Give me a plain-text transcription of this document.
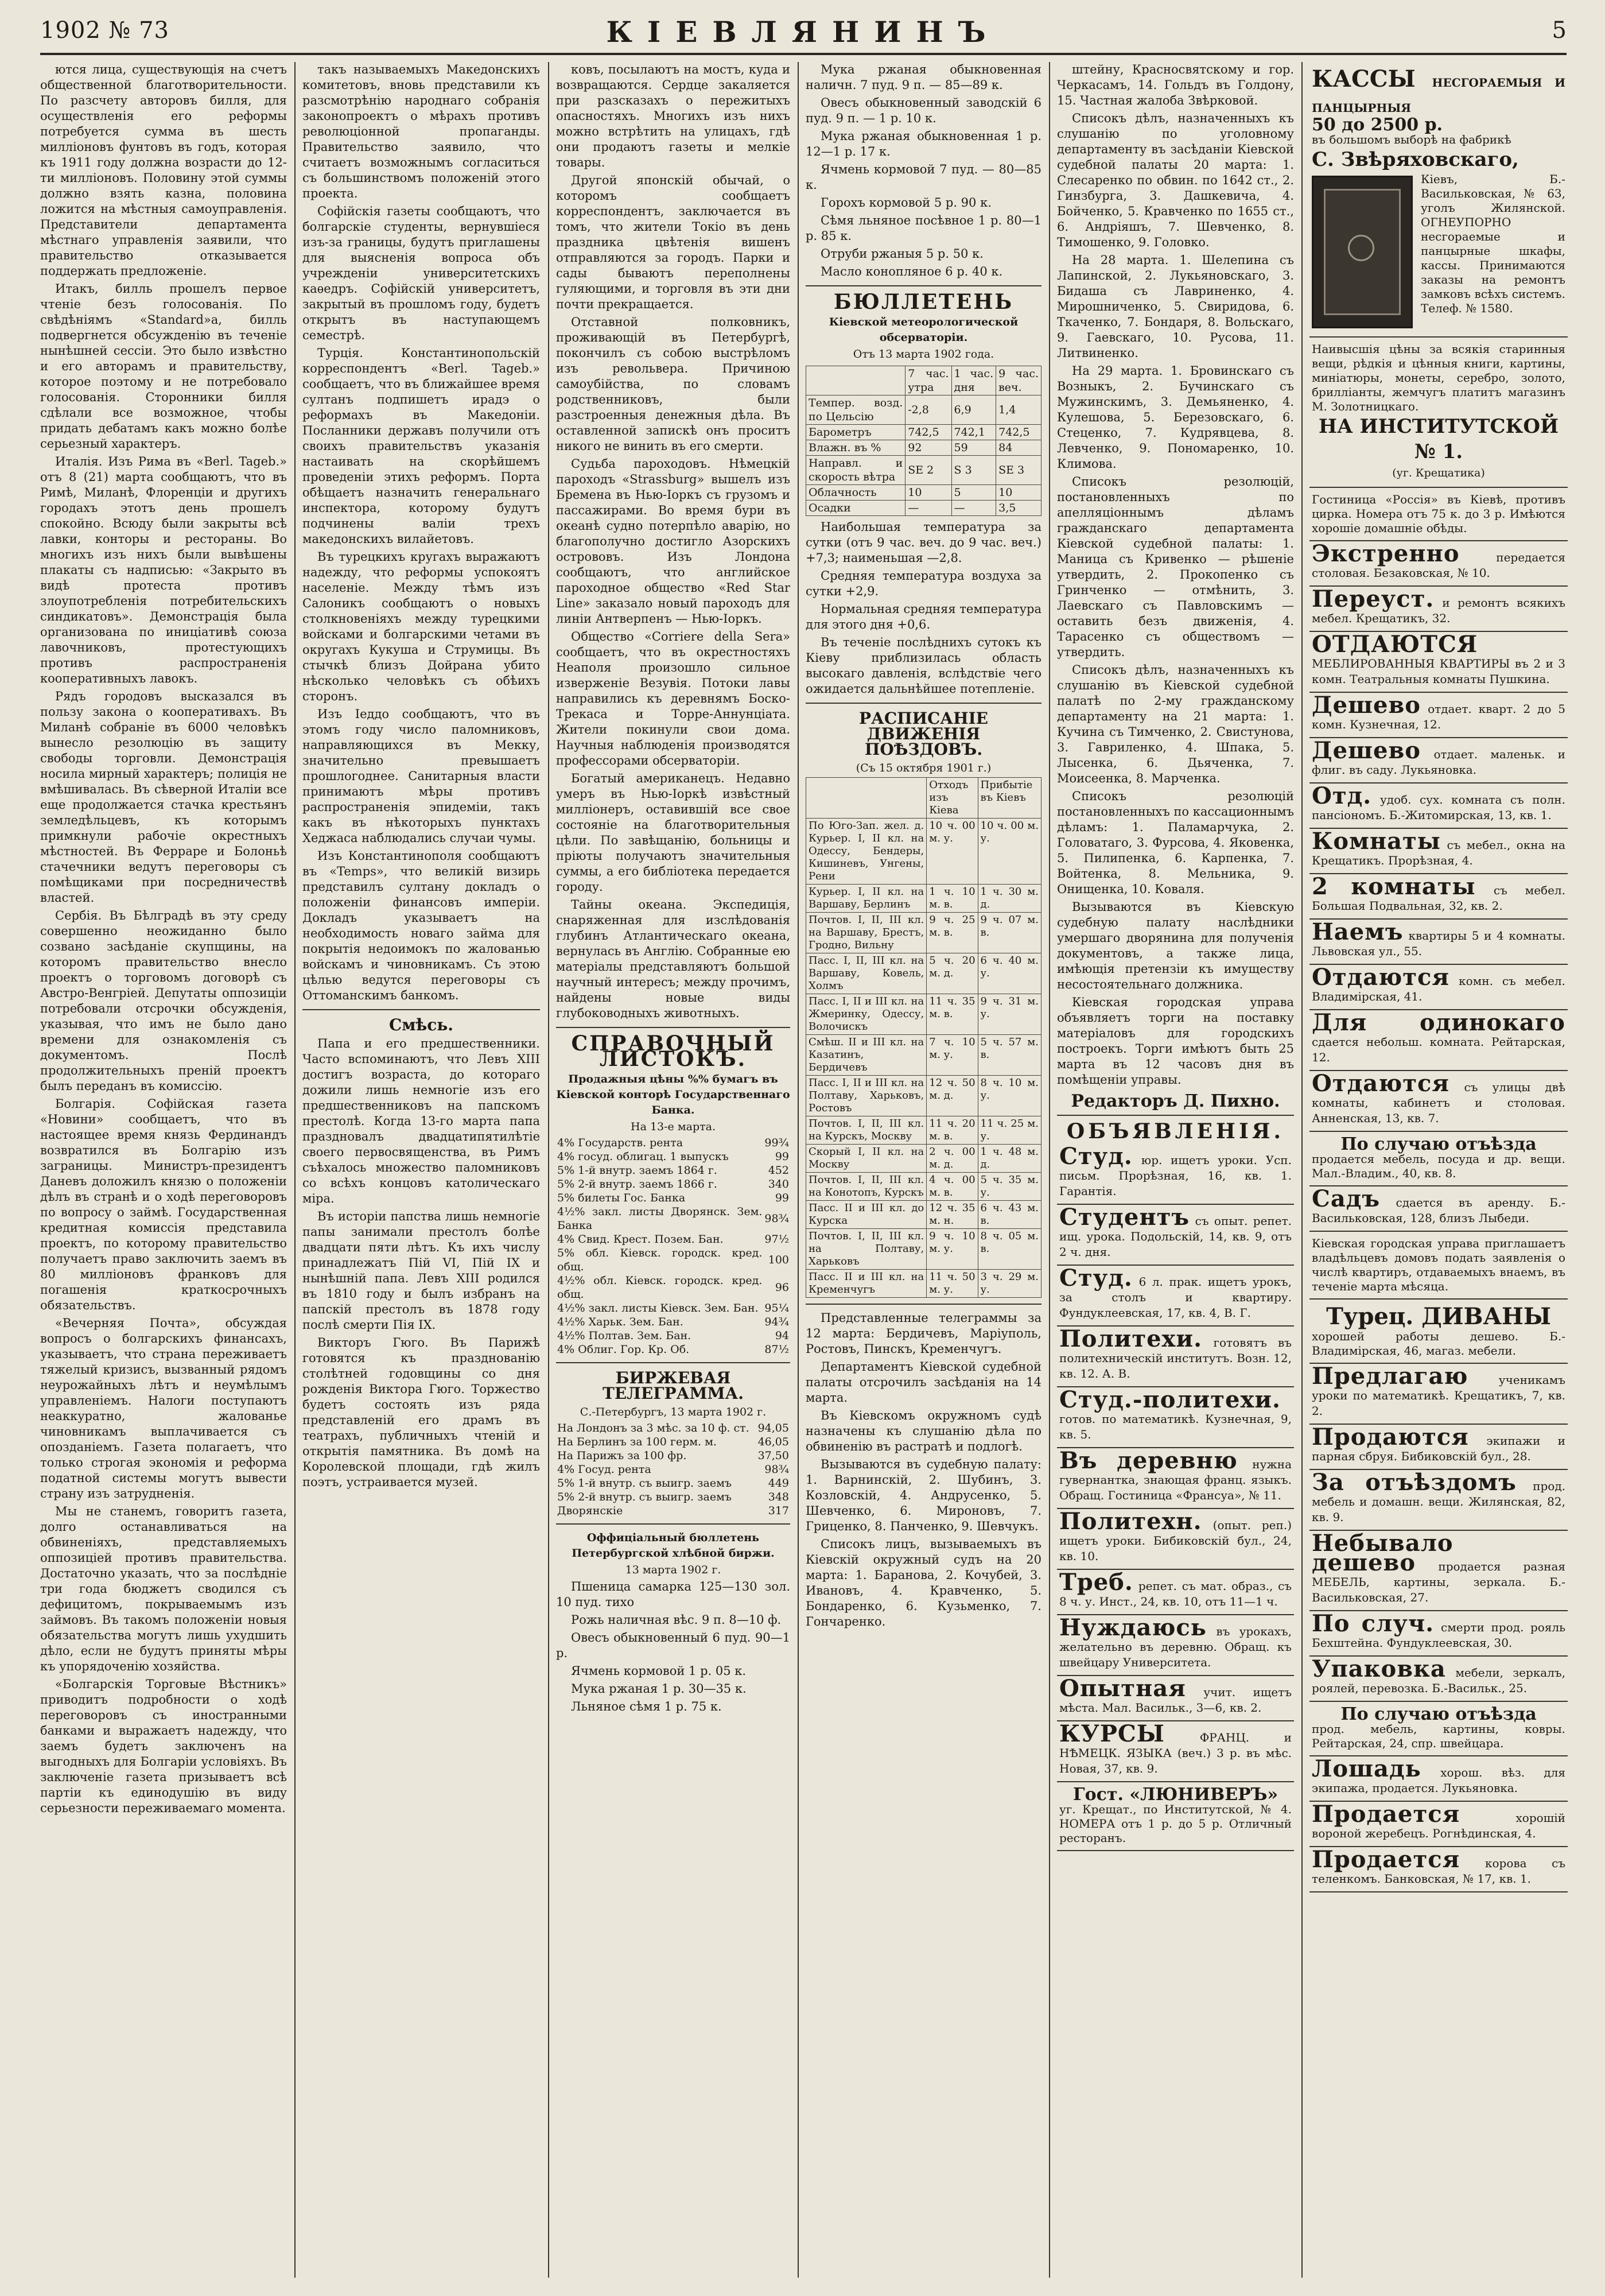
1902 № 73	КІЕВЛЯНИНЪ	5

ются лица, существующія на счетъ общественной благотворительности. По разсчету авторовъ билля, для осуществленія его реформы потребуется сумма въ шесть милліоновъ фунтовъ въ годъ, которая къ 1911 году должна возрасти до 12-ти милліоновъ. Половину этой суммы должно взять казна, половина ложится на мѣстныя самоуправленія. Представители департамента мѣстнаго управленія заявили, что правительство отказывается поддержать предложеніе.

Итакъ, билль прошелъ первое чтеніе безъ голосованія. По свѣдѣніямъ «Standard»а, билль подвергнется обсужденію въ теченіе нынѣшней сессіи. Это было извѣстно и его авторамъ и правительству, которое поэтому и не потребовало голосованія. Сторонники билля сдѣлали все возможное, чтобы придать дебатамъ какъ можно болѣе серьезный характеръ.

Италія. Изъ Рима въ «Berl. Tageb.» отъ 8 (21) марта сообщаютъ, что въ Римѣ, Миланѣ, Флоренціи и другихъ городахъ этотъ день прошелъ спокойно. Всюду были закрыты всѣ лавки, конторы и рестораны. Во многихъ изъ нихъ были вывѣшены плакаты съ надписью: «Закрыто въ видѣ протеста противъ злоупотребленія потребительскихъ синдикатовъ». Демонстрація была организована по иниціативѣ союза лавочниковъ, протестующихъ противъ распространенія кооперативныхъ лавокъ.

Рядъ городовъ высказался въ пользу закона о кооперативахъ. Въ Миланѣ собраніе въ 6000 человѣкъ вынесло резолюцію въ защиту свободы торговли. Демонстрація носила мирный характеръ; полиція не вмѣшивалась. Въ сѣверной Италіи все еще продолжается стачка крестьянъ земледѣльцевъ, къ которымъ примкнули рабочіе окрестныхъ мѣстностей. Въ Ферраре и Болоньѣ стачечники ведутъ переговоры съ помѣщиками при посредничествѣ властей.

Сербія. Въ Бѣлградѣ въ эту среду совершенно неожиданно было созвано засѣданіе скупщины, на которомъ правительство внесло проектъ о торговомъ договорѣ съ Австро-Венгріей. Депутаты оппозиціи потребовали отсрочки обсужденія, указывая, что имъ не было дано времени для ознакомленія съ документомъ. Послѣ продолжительныхъ преній проектъ былъ переданъ въ комиссію.

Болгарія. Софійская газета «Новини» сообщаетъ, что въ настоящее время князь Фердинандъ возвратился въ Болгарію изъ заграницы. Министръ-президентъ Даневъ доложилъ князю о положеніи дѣлъ въ странѣ и о ходѣ переговоровъ по вопросу о займѣ. Государственная кредитная комиссія представила проектъ, по которому правительство получаетъ право заключить заемъ въ 80 милліоновъ франковъ для погашенія краткосрочныхъ обязательствъ.

«Вечерняя Почта», обсуждая вопросъ о болгарскихъ финансахъ, указываетъ, что страна переживаетъ тяжелый кризисъ, вызванный рядомъ неурожайныхъ лѣтъ и неумѣлымъ управленіемъ. Налоги поступаютъ неаккуратно, жалованье чиновникамъ выплачивается съ опозданіемъ. Газета полагаетъ, что только строгая экономія и реформа податной системы могутъ вывести страну изъ затрудненія.

Мы не станемъ, говоритъ газета, долго останавливаться на обвиненіяхъ, представляемыхъ оппозиціей противъ правительства. Достаточно указать, что за послѣдніе три года бюджетъ сводился съ дефицитомъ, покрываемымъ изъ займовъ. Въ такомъ положеніи новыя обязательства могутъ лишь ухудшить дѣло, если не будутъ приняты мѣры къ упорядоченію хозяйства.

«Болгарскія Торговые Вѣстникъ» приводитъ подробности о ходѣ переговоровъ съ иностранными банками и выражаетъ надежду, что заемъ будетъ заключенъ на выгодныхъ для Болгаріи условіяхъ. Въ заключеніе газета призываетъ всѣ партіи къ единодушію въ виду серьезности переживаемаго момента.

такъ называемыхъ Македонскихъ комитетовъ, вновь представили къ разсмотрѣнію народнаго собранія законопроектъ о мѣрахъ противъ революціонной пропаганды. Правительство заявило, что считаетъ возможнымъ согласиться съ большинствомъ положеній этого проекта.

Софійскія газеты сообщаютъ, что болгарскіе студенты, вернувшіеся изъ-за границы, будутъ приглашены для выясненія вопроса объ учрежденіи университетскихъ каѳедръ. Софійскій университетъ, закрытый въ прошломъ году, будетъ открытъ въ наступающемъ семестрѣ.

Турція. Константинопольскій корреспондентъ «Berl. Tageb.» сообщаетъ, что въ ближайшее время султанъ подпишетъ ирадэ о реформахъ въ Македоніи. Посланники державъ получили отъ своихъ правительствъ указанія настаивать на скорѣйшемъ проведеніи этихъ реформъ. Порта обѣщаетъ назначить генеральнаго инспектора, которому будутъ подчинены валіи трехъ македонскихъ вилайетовъ.

Въ турецкихъ кругахъ выражаютъ надежду, что реформы успокоятъ населеніе. Между тѣмъ изъ Салоникъ сообщаютъ о новыхъ столкновеніяхъ между турецкими войсками и болгарскими четами въ округахъ Кукуша и Струмицы. Въ стычкѣ близъ Дойрана убито нѣсколько человѣкъ съ обѣихъ сторонъ.

Изъ Іеддо сообщаютъ, что въ этомъ году число паломниковъ, направляющихся въ Мекку, значительно превышаетъ прошлогоднее. Санитарныя власти принимаютъ мѣры противъ распространенія эпидеміи, такъ какъ въ нѣкоторыхъ пунктахъ Хеджаса наблюдались случаи чумы.

Изъ Константинополя сообщаютъ въ «Temps», что великій визирь представилъ султану докладъ о положеніи финансовъ имперіи. Докладъ указываетъ на необходимость новаго займа для покрытія недоимокъ по жалованью войскамъ и чиновникамъ. Съ этою цѣлью ведутся переговоры съ Оттоманскимъ банкомъ.

Смѣсь.

Папа и его предшественники. Часто вспоминаютъ, что Левъ XIII достигъ возраста, до котораго дожили лишь немногіе изъ его предшественниковъ на папскомъ престолѣ. Когда 13-го марта папа праздновалъ двадцатипятилѣтіе своего первосвященства, въ Римъ съѣхалось множество паломниковъ со всѣхъ концовъ католическаго міра.

Въ исторіи папства лишь немногіе папы занимали престолъ болѣе двадцати пяти лѣтъ. Къ ихъ числу принадлежатъ Пій VI, Пій IX и нынѣшній папа. Левъ XIII родился въ 1810 году и былъ избранъ на папскій престолъ въ 1878 году послѣ смерти Пія IX.

Викторъ Гюго. Въ Парижѣ готовятся къ празднованію столѣтней годовщины со дня рожденія Виктора Гюго. Торжество будетъ состоять изъ ряда представленій его драмъ въ театрахъ, публичныхъ чтеній и открытія памятника. Въ домѣ на Королевской площади, гдѣ жилъ поэтъ, устраивается музей.

ковъ, посылаютъ на мостъ, куда и возвращаются. Сердце закаляется при разсказахъ о пережитыхъ опасностяхъ. Многихъ изъ нихъ можно встрѣтить на улицахъ, гдѣ они продаютъ газеты и мелкіе товары.

Другой японскій обычай, о которомъ сообщаетъ корреспондентъ, заключается въ томъ, что жители Токіо въ день праздника цвѣтенія вишенъ отправляются за городъ. Парки и сады бываютъ переполнены гуляющими, и торговля въ эти дни почти прекращается.

Отставной полковникъ, проживающій въ Петербургѣ, покончилъ съ собою выстрѣломъ изъ револьвера. Причиною самоубійства, по словамъ родственниковъ, были разстроенныя денежныя дѣла. Въ оставленной запискѣ онъ проситъ никого не винить въ его смерти.

Судьба пароходовъ. Нѣмецкій пароходъ «Strassburg» вышелъ изъ Бремена въ Нью-Іоркъ съ грузомъ и пассажирами. Во время бури въ океанѣ судно потерпѣло аварію, но благополучно достигло Азорскихъ острововъ. Изъ Лондона сообщаютъ, что английское пароходное общество «Red Star Line» заказало новый пароходъ для линіи Антверпенъ — Нью-Іоркъ.

Общество «Corriere della Sera» сообщаетъ, что въ окрестностяхъ Неаполя произошло сильное изверженіе Везувія. Потоки лавы направились къ деревнямъ Боско-Трекаса и Торре-Аннунціата. Жители покинули свои дома. Научныя наблюденія производятся профессорами обсерваторіи.

Богатый американецъ. Недавно умеръ въ Нью-Іоркѣ извѣстный милліонеръ, оставившій все свое состояніе на благотворительныя цѣли. По завѣщанію, больницы и пріюты получаютъ значительныя суммы, а его библіотека передается городу.

Тайны океана. Экспедиція, снаряженная для изслѣдованія глубинъ Атлантическаго океана, вернулась въ Англію. Собранные ею матеріалы представляютъ большой научный интересъ; между прочимъ, найдены новые виды глубоководныхъ животныхъ.

СПРАВОЧНЫЙ ЛИСТОКЪ.
Продажныя цѣны %% бумагъ въ Кіевской конторѣ Государственнаго Банка.
На 13-е марта.
4% Государств. рента	99¾
4% госуд. облигац. 1 выпускъ	99
5% 1-й внутр. заемъ 1864 г.	452
5% 2-й внутр. заемъ 1866 г.	340
5% билеты Гос. Банка	99
4½% закл. листы Дворянск. Зем. Банка	98¾
4% Свид. Крест. Позем. Бан.	97½
5% обл. Кіевск. городск. кред. общ.	100
4½% обл. Кіевск. городск. кред. общ.	96
4½% закл. листы Кіевск. Зем. Бан.	95¼
4½% Харьк. Зем. Бан.	94¾
4½% Полтав. Зем. Бан.	94
4% Облиг. Гор. Кр. Об.	87½
БИРЖЕВАЯ ТЕЛЕГРАММА.
С.-Петербургъ, 13 марта 1902 г.
На Лондонъ за 3 мѣс. за 10 ф. ст.	94,05
На Берлинъ за 100 герм. м.	46,05
На Парижъ за 100 фр.	37,50
4% Госуд. рента	98¾
5% 1-й внутр. съ выигр. заемъ	449
5% 2-й внутр. съ выигр. заемъ	348
Дворянскіе	317
Оффиціальный бюллетень Петербургской хлѣбной биржи.
13 марта 1902 г.

Пшеница самарка 125—130 зол. 10 пуд. тихо

Рожь наличная вѣс. 9 п. 8—10 ф.

Овесъ обыкновенный 6 пуд. 90—1 р.

Ячмень кормовой 1 р. 05 к.

Мука ржаная 1 р. 30—35 к.

Льняное сѣмя 1 р. 75 к.

Мука ржаная обыкновенная наличн. 7 пуд. 9 п. — 85—89 к.

Овесъ обыкновенный заводскій 6 пуд. 9 п. — 1 р. 10 к.

Мука ржаная обыкновенная 1 р. 12—1 р. 17 к.

Ячмень кормовой 7 пуд. — 80—85 к.

Горохъ кормовой 5 р. 90 к.

Сѣмя льняное посѣвное 1 р. 80—1 р. 85 к.

Отруби ржаныя 5 р. 50 к.

Масло конопляное 6 р. 40 к.

БЮЛЛЕТЕНЬ
Кіевской метеорологической обсерваторіи.
Отъ 13 марта 1902 года.
	7 час. утра	1 час. дня	9 час. веч.
Темпер. возд. по Цельсію	-2,8	6,9	1,4
Барометръ	742,5	742,1	742,5
Влажн. въ %	92	59	84
Направл. и скорость вѣтра	SE 2	S 3	SE 3
Облачность	10	5	10
Осадки	—	—	3,5

Наибольшая температура за сутки (отъ 9 час. веч. до 9 час. веч.) +7,3; наименьшая —2,8.

Средняя температура воздуха за сутки +2,9.

Нормальная средняя температура для этого дня +0,6.

Въ теченіе послѣднихъ сутокъ къ Кіеву приблизилась область высокаго давленія, вслѣдствіе чего ожидается дальнѣйшее потепленіе.

РАСПИСАНІЕ ДВИЖЕНІЯ ПОѢЗДОВЪ.
(Съ 15 октября 1901 г.)
	Отходъ изъ Кіева	Прибытіе въ Кіевъ
По Юго-Зап. жел. д. Курьер. I, II кл. на Одессу, Бендеры, Кишиневъ, Унгены, Рени	10 ч. 00 м. у.	10 ч. 00 м. у.
Курьер. I, II кл. на Варшаву, Берлинъ	1 ч. 10 м. в.	1 ч. 30 м. д.
Почтов. I, II, III кл. на Варшаву, Брестъ, Гродно, Вильну	9 ч. 25 м. в.	9 ч. 07 м. в.
Пасс. I, II, III кл. на Варшаву, Ковель, Холмъ	5 ч. 20 м. д.	6 ч. 40 м. у.
Пасс. I, II и III кл. на Жмеринку, Одессу, Волочискъ	11 ч. 35 м. в.	9 ч. 31 м. у.
Смѣш. II и III кл. на Казатинъ, Бердичевъ	7 ч. 10 м. у.	5 ч. 57 м. в.
Пасс. I, II и III кл. на Полтаву, Харьковъ, Ростовъ	12 ч. 50 м. д.	8 ч. 10 м. у.
Почтов. I, II, III кл. на Курскъ, Москву	11 ч. 20 м. в.	11 ч. 25 м. у.
Скорый I, II кл. на Москву	2 ч. 00 м. д.	1 ч. 48 м. д.
Почтов. I, II, III кл. на Конотопъ, Курскъ	4 ч. 00 м. в.	5 ч. 35 м. у.
Пасс. II и III кл. до Курска	12 ч. 35 м. н.	6 ч. 43 м. в.
Почтов. I, II, III кл. на Полтаву, Харьковъ	9 ч. 10 м. у.	8 ч. 05 м. в.
Пасс. II и III кл. на Кременчугъ	11 ч. 50 м. у.	3 ч. 29 м. у.

Представленные телеграммы за 12 марта: Бердичевъ, Маріуполь, Ростовъ, Пинскъ, Кременчугъ.

Департаментъ Кіевской судебной палаты отсрочилъ засѣданія на 14 марта.

Въ Кіевскомъ окружномъ судѣ назначены къ слушанію дѣла по обвиненію въ растратѣ и подлогѣ.

Вызываются въ судебную палату: 1. Варнинскій, 2. Шубинъ, 3. Козловскій, 4. Андрусенко, 5. Шевченко, 6. Мироновъ, 7. Гриценко, 8. Панченко, 9. Шевчукъ.

Списокъ лицъ, вызываемыхъ въ Кіевскій окружный судъ на 20 марта: 1. Баранова, 2. Кочубей, 3. Ивановъ, 4. Кравченко, 5. Бондаренко, 6. Кузьменко, 7. Гончаренко.

штейну, Красносвятскому и гор. Черкасамъ, 14. Гольдъ въ Голдону, 15. Частная жалоба Звѣрковой.

Списокъ дѣлъ, назначенныхъ къ слушанію по уголовному департаменту въ засѣданіи Кіевской судебной палаты 20 марта: 1. Слесаренко по обвин. по 1642 ст., 2. Гинзбурга, 3. Дашкевича, 4. Бойченко, 5. Кравченко по 1655 ст., 6. Андріяшъ, 7. Шевченко, 8. Тимошенко, 9. Головко.

На 28 марта. 1. Шелепина съ Лапинской, 2. Лукьяновскаго, 3. Бидаша съ Лавриненко, 4. Мирошниченко, 5. Свиридова, 6. Ткаченко, 7. Бондаря, 8. Вольскаго, 9. Гаевскаго, 10. Русова, 11. Литвиненко.

На 29 марта. 1. Бровинскаго съ Возныкъ, 2. Бучинскаго съ Мужинскимъ, 3. Демьяненко, 4. Кулешова, 5. Березовскаго, 6. Стеценко, 7. Кудрявцева, 8. Левченко, 9. Пономаренко, 10. Климова.

Списокъ резолюцій, постановленныхъ по апелляціоннымъ дѣламъ гражданскаго департамента Кіевской судебной палаты: 1. Маница съ Кривенко — рѣшеніе утвердить, 2. Прокопенко съ Гринченко — отмѣнить, 3. Лаевскаго съ Павловскимъ — оставить безъ движенія, 4. Тарасенко съ обществомъ — утвердить.

Списокъ дѣлъ, назначенныхъ къ слушанію въ Кіевской судебной палатѣ по 2-му гражданскому департаменту на 21 марта: 1. Кучина съ Тимченко, 2. Свистунова, 3. Гавриленко, 4. Шпака, 5. Лысенка, 6. Дьяченка, 7. Моисеенка, 8. Марченка.

Списокъ резолюцій постановленныхъ по кассационнымъ дѣламъ: 1. Паламарчука, 2. Головатаго, 3. Фурсова, 4. Яковенка, 5. Пилипенка, 6. Карпенка, 7. Войтенка, 8. Мельника, 9. Онищенка, 10. Коваля.

Вызываются въ Кіевскую судебную палату наслѣдники умершаго дворянина для полученія документовъ, а также лица, имѣющія претензіи къ имуществу несостоятельнаго должника.

Кіевская городская управа объявляетъ торги на поставку матеріаловъ для городскихъ построекъ. Торги имѣютъ быть 25 марта въ 12 часовъ дня въ помѣщеніи управы.

Редакторъ Д. Пихно.
ОБЪЯВЛЕНІЯ.
Студ. юр. ищетъ уроки. Усп. письм. Прорѣзная, 16, кв. 1. Гарантія.
Студентъ съ опыт. репет. ищ. урока. Подольскій, 14, кв. 9, отъ 2 ч. дня.
Студ. 6 л. прак. ищетъ урокъ, за столъ и квартиру. Фундуклеевская, 17, кв. 4, В. Г.
Политехи. готовятъ въ политехническій институтъ. Возн. 12, кв. 12. А. В.
Студ.-политехи. готов. по математикѣ. Кузнечная, 9, кв. 5.
Въ деревню нужна гувернантка, знающая франц. языкъ. Обращ. Гостиница «Франсуа», № 11.
Политехн. (опыт. реп.) ищетъ уроки. Бибиковскій бул., 24, кв. 10.
Треб. репет. съ мат. образ., съ 8 ч. у. Инст., 24, кв. 10, отъ 11—1 ч.
Нуждаюсь въ урокахъ, желательно въ деревню. Обращ. къ швейцару Университета.
Опытная учит. ищетъ мѣста. Мал. Васильк., 3—6, кв. 2.
КУРСЫ	ФРАНЦ. и НѢМЕЦК. ЯЗЫКА (веч.) 3 р. въ мѣс. Новая, 37, кв. 9.
Гост. «ЛЮНИВЕРЪ»
уг. Крещат., по Институтской, № 4. НОМЕРА отъ 1 р. до 5 р. Отличный ресторанъ.
КАССЫ НЕСГОРАЕМЫЯ И ПАНЦЫРНЫЯ
50 до 2500 р.
въ большомъ выборѣ на фабрикѣ
С. Звѣряховскаго,
Кіевъ, Б.-Васильковская, № 63, уголъ Жилянской. ОГНЕУПОРНО несгораемые и панцырные шкафы, кассы. Принимаются заказы на ремонтъ замковъ всѣхъ системъ. Телеф. № 1580.
Наивысшія цѣны за всякія старинныя вещи, рѣдкія и цѣнныя книги, картины, миніатюры, монеты, серебро, золото, брилліанты, жемчугъ платитъ магазинъ М. Золотницкаго.
НА ИНСТИТУТСКОЙ № 1.
(уг. Крещатика)
Гостиница «Россія» въ Кіевѣ, противъ цирка. Номера отъ 75 к. до 3 р. Имѣются хорошіе домашніе обѣды.
Экстренно	передается столовая. Безаковская, № 10.
Переуст. и ремонтъ всякихъ мебел. Крещатикъ, 32.
ОТДАЮТСЯ МЕБЛИРОВАННЫЯ КВАРТИРЫ въ 2 и 3 комн. Театральныя комнаты Пушкина.
Дешево отдает. кварт. 2 до 5 комн. Кузнечная, 12.
Дешево отдает. маленьк. и флиг. въ саду. Лукьяновка.
Отд. удоб. сух. комната съ полн. пансіономъ. Б.-Житомирская, 13, кв. 1.
Комнаты съ мебел., окна на Крещатикъ. Прорѣзная, 4.
2 комнаты съ мебел. Большая Подвальная, 32, кв. 2.
Наемъ квартиры 5 и 4 комнаты. Львовская ул., 55.
Отдаются комн. съ мебел. Владимірская, 41.
Для одинокаго сдается небольш. комната. Рейтарская, 12.
Отдаются съ улицы двѣ комнаты, кабинетъ и столовая. Анненская, 13, кв. 7.
По случаю отъѣзда
продается мебель, посуда и др. вещи. Мал.-Владим., 40, кв. 8.
Садъ сдается въ аренду. Б.-Васильковская, 128, близъ Лыбеди.
Кіевская городская управа приглашаетъ владѣльцевъ домовъ подать заявленія о числѣ квартиръ, отдаваемыхъ внаемъ, въ теченіе марта мѣсяца.
Турец. ДИВАНЫ
хорошей работы дешево. Б.-Владимірская, 46, магаз. мебели.
Предлагаю	ученикамъ уроки по математикѣ. Крещатикъ, 7, кв. 2.
Продаются экипажи и парная сбруя. Бибиковскій бул., 28.
За отъѣздомъ прод. мебель и домашн. вещи. Жилянская, 82, кв. 9.
Небывало дешево продается разная МЕБЕЛЬ, картины, зеркала. Б.-Васильковская, 27.
По случ. смерти прод. рояль Бехштейна. Фундуклеевская, 30.
Упаковка мебели, зеркалъ, роялей, перевозка. Б.-Васильк., 25.
По случаю отъѣзда
прод. мебель, картины, ковры. Рейтарская, 24, спр. швейцара.
Лошадь хорош. вѣз. для экипажа, продается. Лукьяновка.
Продается	хорошій вороной жеребецъ. Рогнѣдинская, 4.
Продается корова съ теленкомъ. Банковская, № 17, кв. 1.
